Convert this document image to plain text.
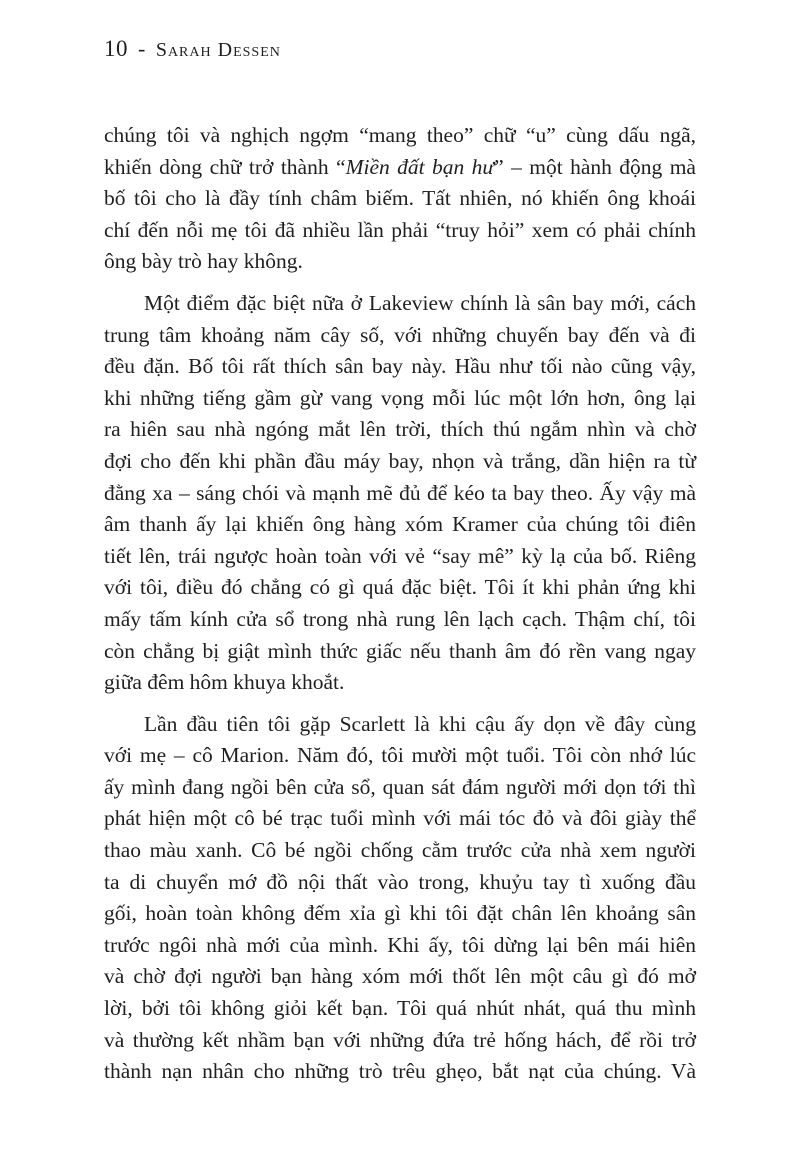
10 - Sarah Dessen

chúng tôi và nghịch ngợm “mang theo” chữ “u” cùng dấu ngã,
khiến dòng chữ trở thành “Miền đất bạn hư” – một hành động mà
bố tôi cho là đầy tính châm biếm. Tất nhiên, nó khiến ông khoái
chí đến nỗi mẹ tôi đã nhiều lần phải “truy hỏi” xem có phải chính
ông bày trò hay không.

Một điểm đặc biệt nữa ở Lakeview chính là sân bay mới, cách
trung tâm khoảng năm cây số, với những chuyến bay đến và đi
đều đặn. Bố tôi rất thích sân bay này. Hầu như tối nào cũng vậy,
khi những tiếng gầm gừ vang vọng mỗi lúc một lớn hơn, ông lại
ra hiên sau nhà ngóng mắt lên trời, thích thú ngắm nhìn và chờ
đợi cho đến khi phần đầu máy bay, nhọn và trắng, dần hiện ra từ
đằng xa – sáng chói và mạnh mẽ đủ để kéo ta bay theo. Ấy vậy mà
âm thanh ấy lại khiến ông hàng xóm Kramer của chúng tôi điên
tiết lên, trái ngược hoàn toàn với vẻ “say mê” kỳ lạ của bố. Riêng
với tôi, điều đó chẳng có gì quá đặc biệt. Tôi ít khi phản ứng khi
mấy tấm kính cửa sổ trong nhà rung lên lạch cạch. Thậm chí, tôi
còn chẳng bị giật mình thức giấc nếu thanh âm đó rền vang ngay
giữa đêm hôm khuya khoắt.

Lần đầu tiên tôi gặp Scarlett là khi cậu ấy dọn về đây cùng
với mẹ – cô Marion. Năm đó, tôi mười một tuổi. Tôi còn nhớ lúc
ấy mình đang ngồi bên cửa sổ, quan sát đám người mới dọn tới thì
phát hiện một cô bé trạc tuổi mình với mái tóc đỏ và đôi giày thể
thao màu xanh. Cô bé ngồi chống cằm trước cửa nhà xem người
ta di chuyển mớ đồ nội thất vào trong, khuỷu tay tì xuống đầu
gối, hoàn toàn không đếm xỉa gì khi tôi đặt chân lên khoảng sân
trước ngôi nhà mới của mình. Khi ấy, tôi dừng lại bên mái hiên
và chờ đợi người bạn hàng xóm mới thốt lên một câu gì đó mở
lời, bởi tôi không giỏi kết bạn. Tôi quá nhút nhát, quá thu mình
và thường kết nhầm bạn với những đứa trẻ hống hách, để rồi trở
thành nạn nhân cho những trò trêu ghẹo, bắt nạt của chúng. Và
